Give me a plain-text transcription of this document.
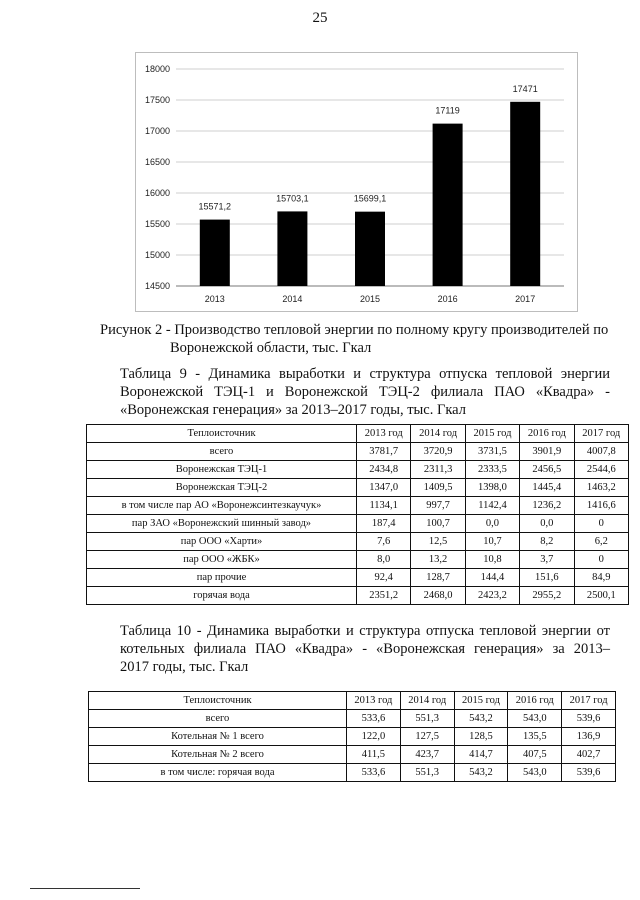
25
14500
15000
15500
16000
16500
17000
17500
18000
15571,2
2013
15703,1
2014
15699,1
2015
17119
2016
17471
2017
Рисунок 2 - Производство тепловой энергии по полному кругу производителей по
Воронежской области, тыс. Гкал
Таблица 9 - Динамика выработки и структура отпуска тепловой энергии
Воронежской ТЭЦ-1 и Воронежской ТЭЦ-2 филиала ПАО «Квадра» -
«Воронежская генерация» за 2013–2017 годы, тыс. Гкал
Теплоисточник	2013 год	2014 год	2015 год	2016 год	2017 год
всего	3781,7	3720,9	3731,5	3901,9	4007,8
Воронежская ТЭЦ-1	2434,8	2311,3	2333,5	2456,5	2544,6
Воронежская ТЭЦ-2	1347,0	1409,5	1398,0	1445,4	1463,2
в том числе пар АО «Воронежсинтезкаучук»	1134,1	997,7	1142,4	1236,2	1416,6
пар ЗАО «Воронежский шинный завод»	187,4	100,7	0,0	0,0	0
пар ООО «Харти»	7,6	12,5	10,7	8,2	6,2
пар ООО «ЖБК»	8,0	13,2	10,8	3,7	0
пар прочие	92,4	128,7	144,4	151,6	84,9
горячая вода	2351,2	2468,0	2423,2	2955,2	2500,1
Таблица 10 - Динамика выработки и структура отпуска тепловой энергии от
котельных филиала ПАО «Квадра» - «Воронежская генерация» за 2013–
2017 годы, тыс. Гкал
Теплоисточник	2013 год	2014 год	2015 год	2016 год	2017 год
всего	533,6	551,3	543,2	543,0	539,6
Котельная № 1 всего	122,0	127,5	128,5	135,5	136,9
Котельная № 2 всего	411,5	423,7	414,7	407,5	402,7
в том числе: горячая вода	533,6	551,3	543,2	543,0	539,6
